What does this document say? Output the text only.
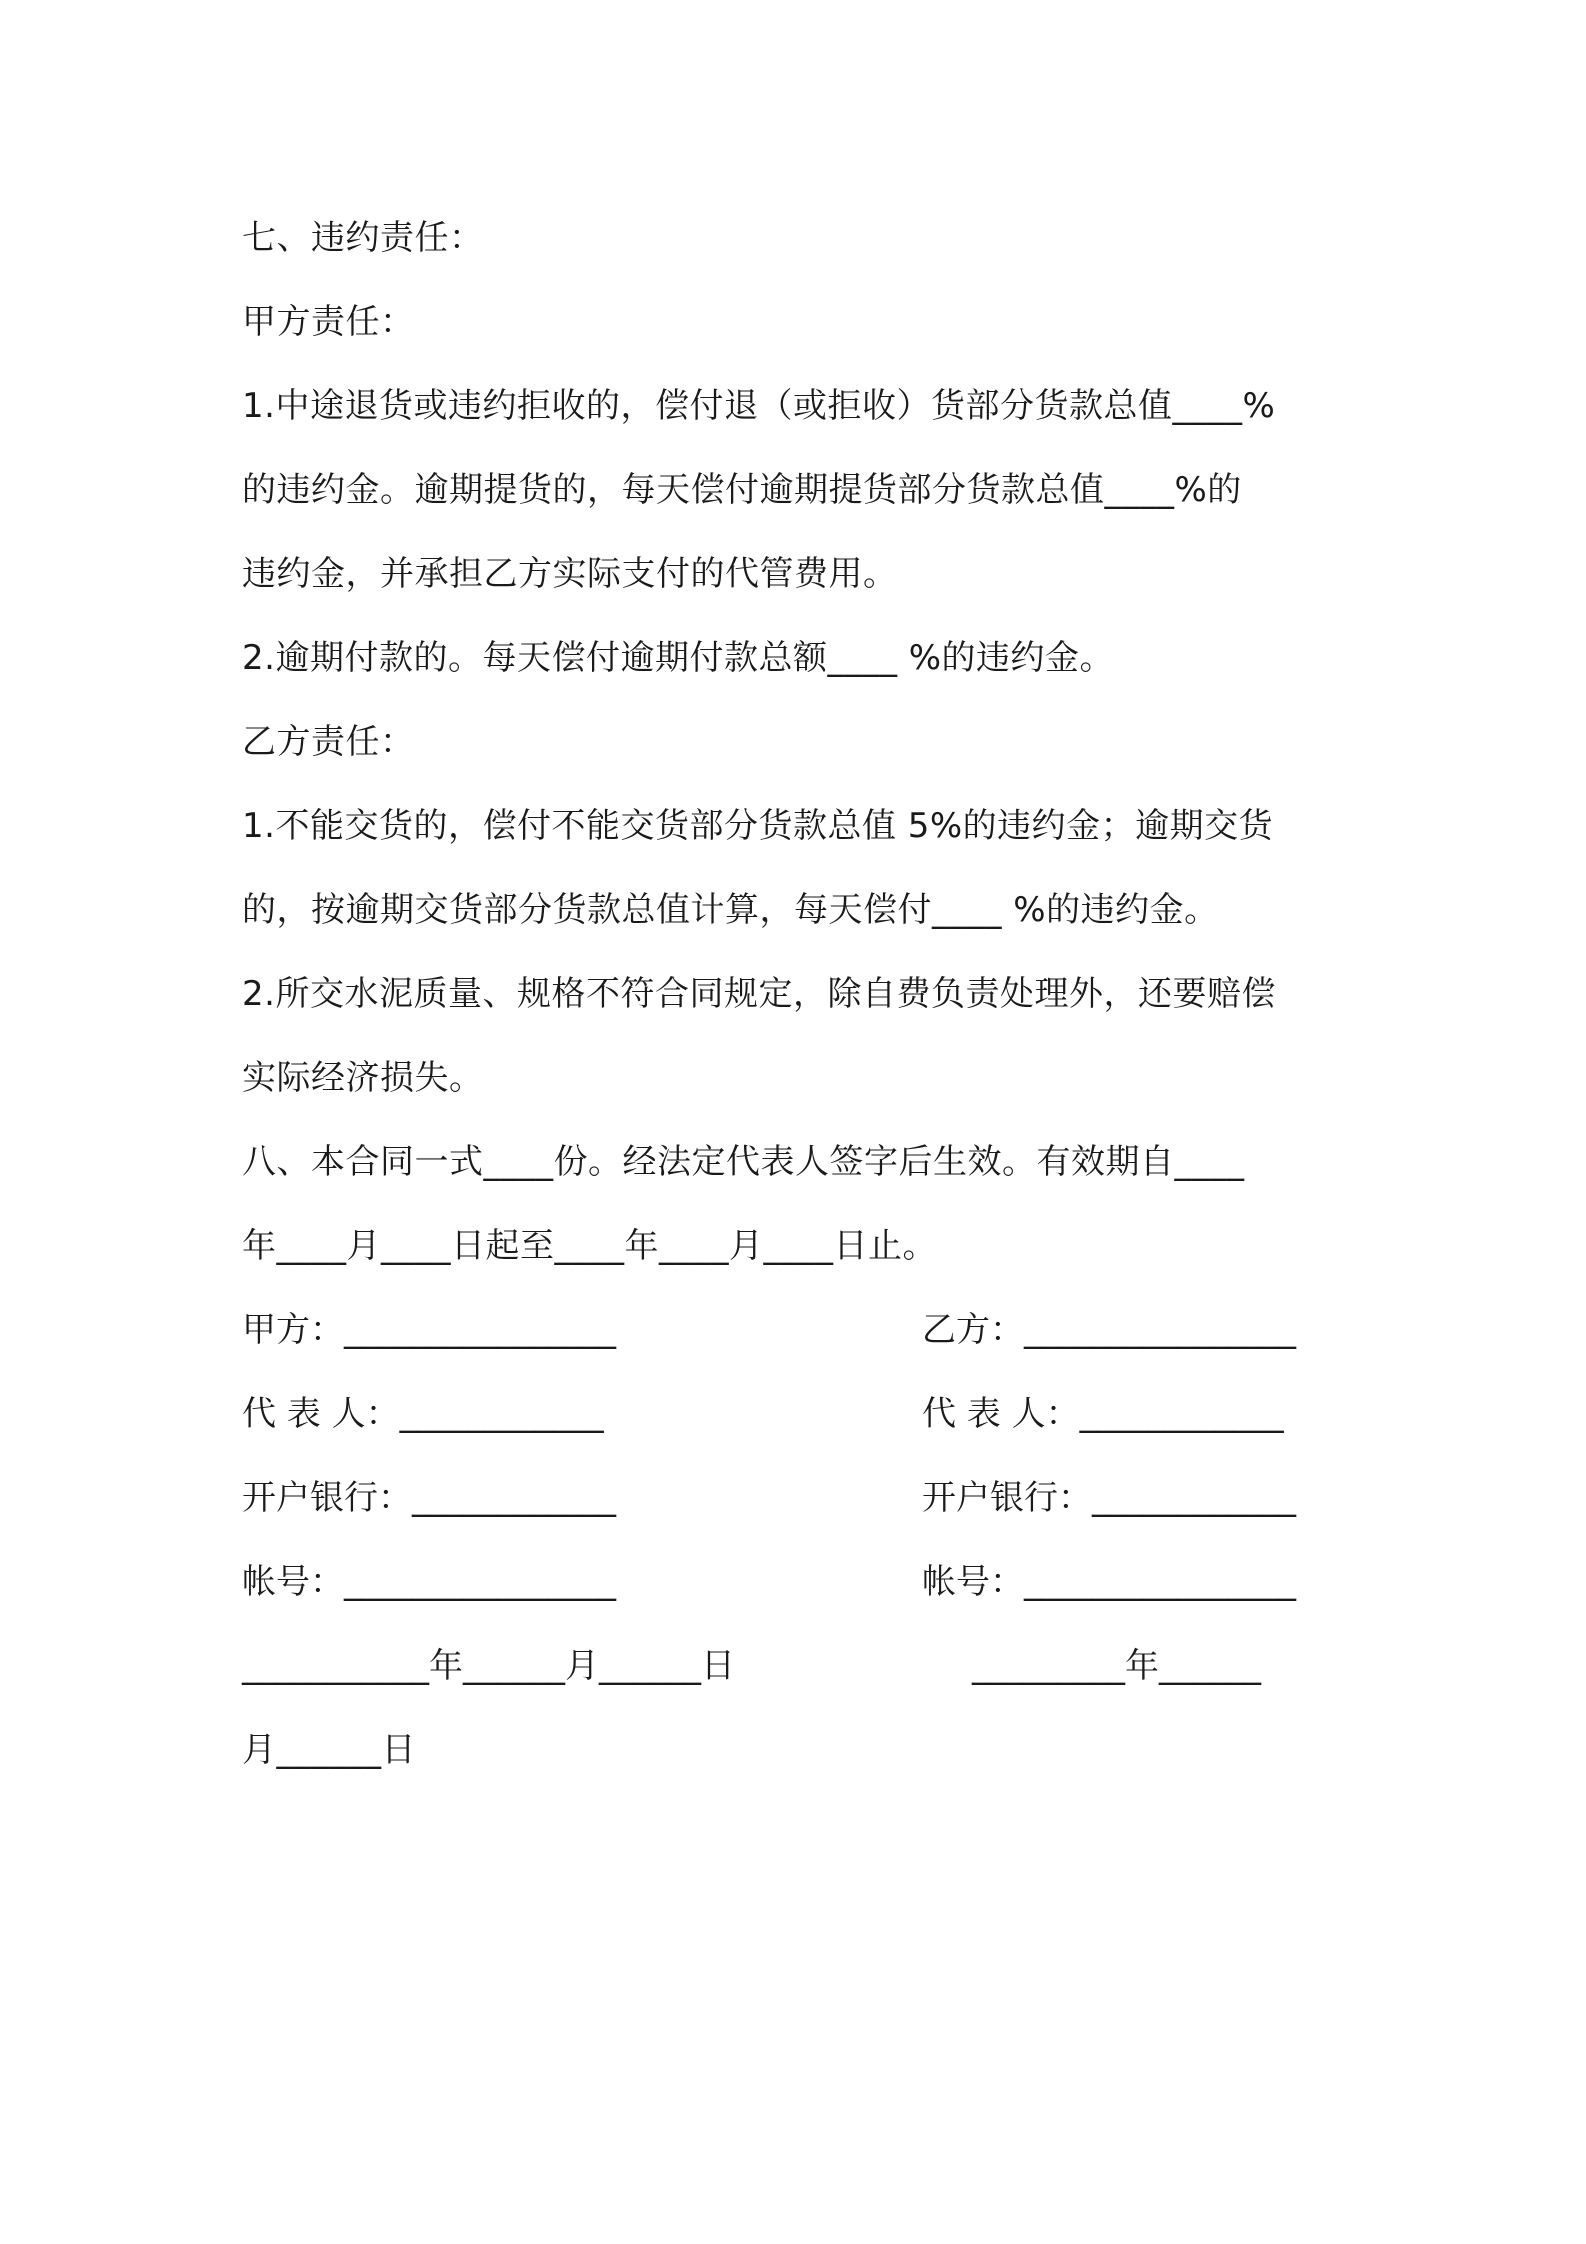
七、违约责任：
甲方责任：
1.中途退货或违约拒收的，偿付退（或拒收）货部分货款总值____%
的违约金。逾期提货的，每天偿付逾期提货部分货款总值____%的
违约金，并承担乙方实际支付的代管费用。
2.逾期付款的。每天偿付逾期付款总额____ %的违约金。
乙方责任：
1.不能交货的，偿付不能交货部分货款总值 5%的违约金；逾期交货
的，按逾期交货部分货款总值计算，每天偿付____ %的违约金。
2.所交水泥质量、规格不符合同规定，除自费负责处理外，还要赔偿
实际经济损失。
八、本合同一式____份。经法定代表人签字后生效。有效期自____
年____月____日起至____年____月____日止。
甲方：________________	乙方：________________
代 表 人：____________	代 表 人：____________
开户银行：____________	开户银行：____________
帐号：________________	帐号：________________
___________年______月______日	_________年______
月______日
